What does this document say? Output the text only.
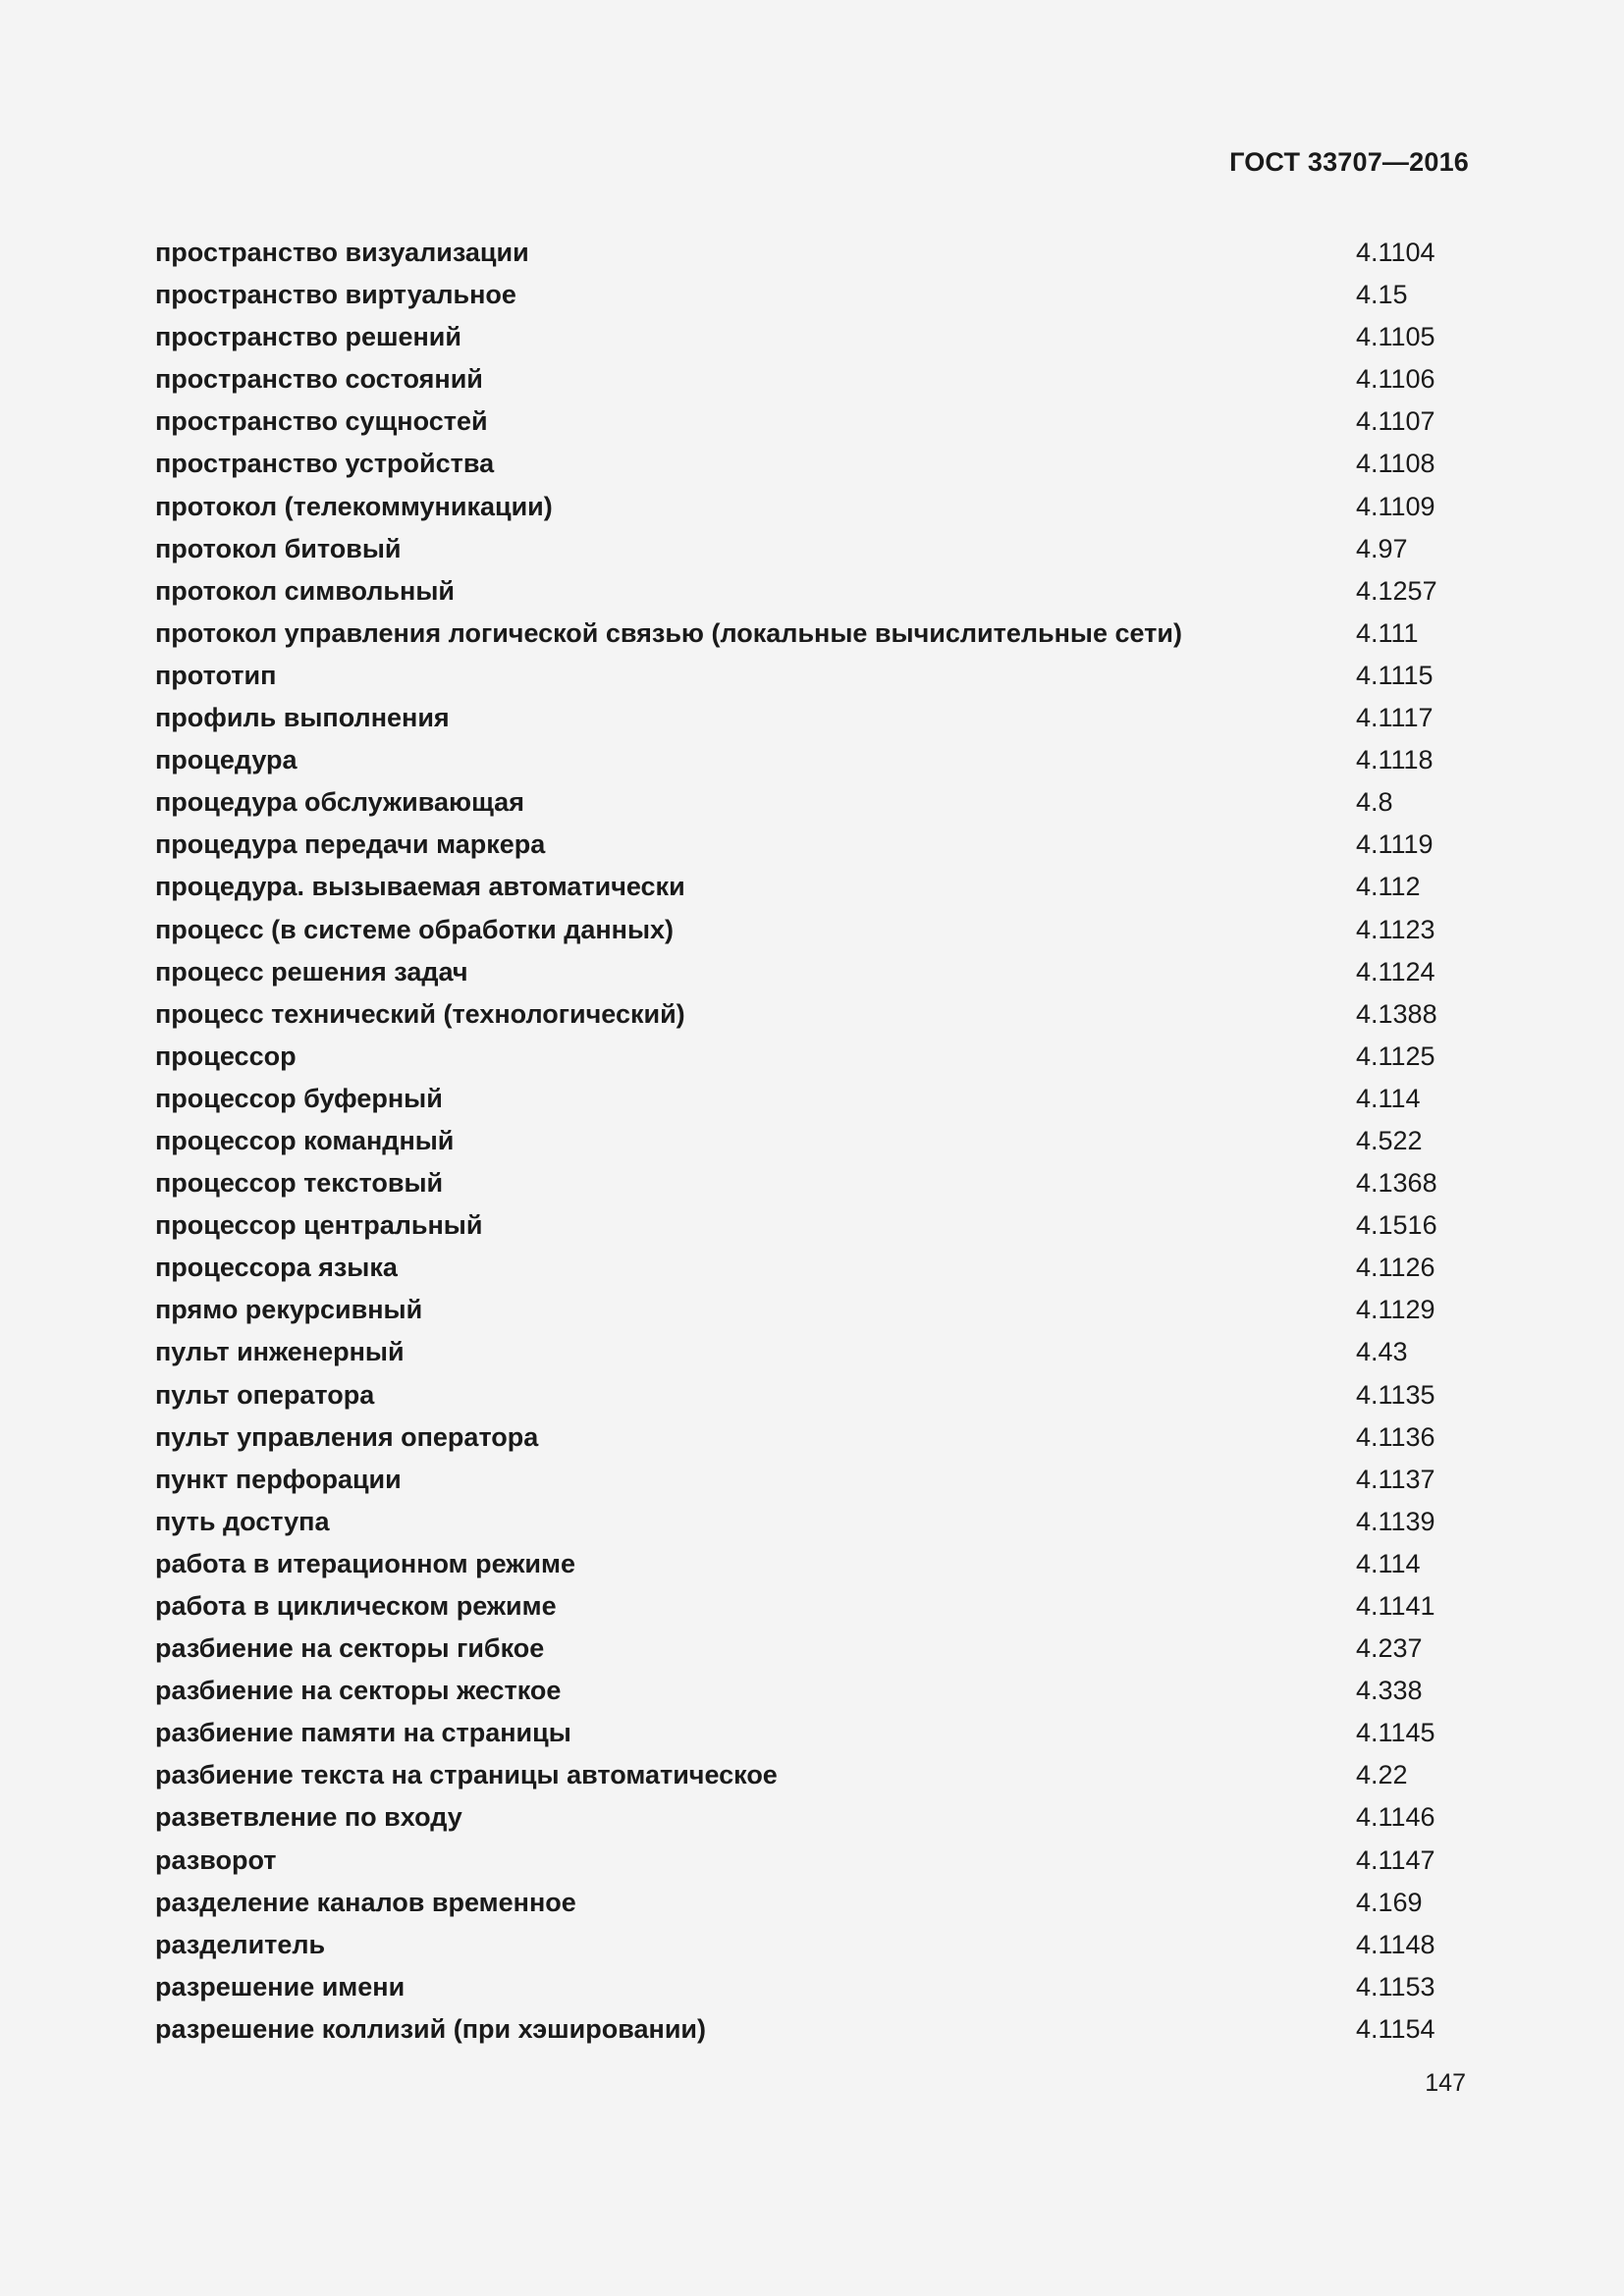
ГОСТ 33707—2016
пространство визуализации	4.1104
пространство виртуальное	4.15
пространство решений	4.1105
пространство состояний	4.1106
пространство сущностей	4.1107
пространство устройства	4.1108
протокол (телекоммуникации)	4.1109
протокол битовый	4.97
протокол символьный	4.1257
протокол управления логической связью (локальные вычислительные сети)	4.111
прототип	4.1115
профиль выполнения	4.1117
процедура	4.1118
процедура обслуживающая	4.8
процедура передачи маркера	4.1119
процедура. вызываемая автоматически	4.112
процесс (в системе обработки данных)	4.1123
процесс решения задач	4.1124
процесс технический (технологический)	4.1388
процессор	4.1125
процессор буферный	4.114
процессор командный	4.522
процессор текстовый	4.1368
процессор центральный	4.1516
процессора языка	4.1126
прямо рекурсивный	4.1129
пульт инженерный	4.43
пульт оператора	4.1135
пульт управления оператора	4.1136
пункт перфорации	4.1137
путь доступа	4.1139
работа в итерационном режиме	4.114
работа в циклическом режиме	4.1141
разбиение на секторы гибкое	4.237
разбиение на секторы жесткое	4.338
разбиение памяти на страницы	4.1145
разбиение текста на страницы автоматическое	4.22
разветвление по входу	4.1146
разворот	4.1147
разделение каналов временное	4.169
разделитель	4.1148
разрешение имени	4.1153
разрешение коллизий (при хэшировании)	4.1154
147
